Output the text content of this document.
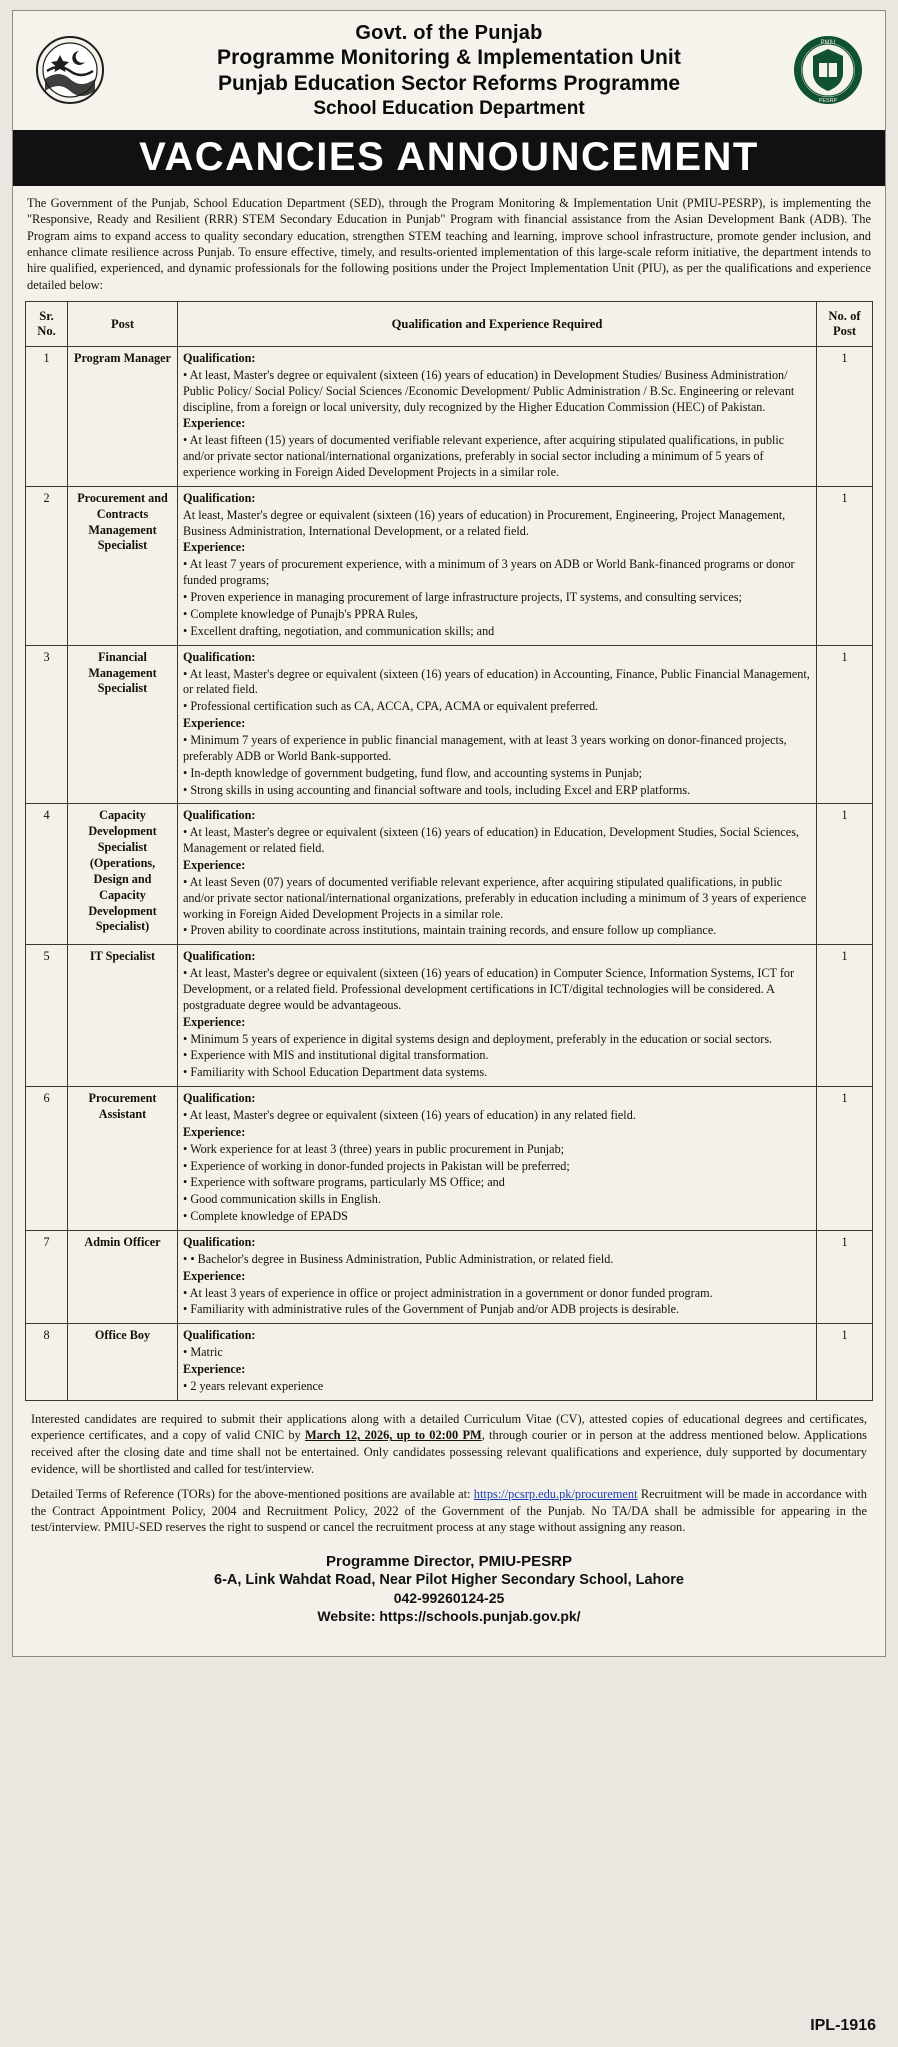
Govt. of the Punjab
Programme Monitoring & Implementation Unit
Punjab Education Sector Reforms Programme
School Education Department
PMIU
PESRP
VACANCIES ANNOUNCEMENT
The Government of the Punjab, School Education Department (SED), through the Program Monitoring & Implementation Unit (PMIU-PESRP), is implementing the "Responsive, Ready and Resilient (RRR) STEM Secondary Education in Punjab" Program with financial assistance from the Asian Development Bank (ADB). The Program aims to expand access to quality secondary education, strengthen STEM teaching and learning, improve school infrastructure, promote gender inclusion, and enhance climate resilience across Punjab. To ensure effective, timely, and results-oriented implementation of this large-scale reform initiative, the department intends to hire qualified, experienced, and dynamic professionals for the following positions under the Project Implementation Unit (PIU), as per the qualifications and experience detailed below:
Sr. No.	Post	Qualification and Experience Required	No. of Post
1	Program Manager	Qualification:
• At least, Master's degree or equivalent (sixteen (16) years of education) in Development Studies/ Business Administration/ Public Policy/ Social Policy/ Social Sciences /Economic Development/ Public Administration / B.Sc. Engineering or relevant discipline, from a foreign or local university, duly recognized by the Higher Education Commission (HEC) of Pakistan.
Experience:
• At least fifteen (15) years of documented verifiable relevant experience, after acquiring stipulated qualifications, in public and/or private sector national/international organizations, preferably in social sector including a minimum of 5 years of experience working in Foreign Aided Development Projects in a similar role.	1
2	Procurement and Contracts Management Specialist	
Qualification:
At least, Master's degree or equivalent (sixteen (16) years of education) in Procurement, Engineering, Project Management, Business Administration, International Development, or a related field.
Experience:
• At least 7 years of procurement experience, with a minimum of 3 years on ADB or World Bank-financed programs or donor funded programs;
• Proven experience in managing procurement of large infrastructure projects, IT systems, and consulting services;
• Complete knowledge of Punajb's PPRA Rules,
• Excellent drafting, negotiation, and communication skills; and
	1
3	Financial Management Specialist	
Qualification:
• At least, Master's degree or equivalent (sixteen (16) years of education) in Accounting, Finance, Public Financial Management, or related field.
• Professional certification such as CA, ACCA, CPA, ACMA or equivalent preferred.
Experience:
• Minimum 7 years of experience in public financial management, with at least 3 years working on donor-financed projects, preferably ADB or World Bank-supported.
• In-depth knowledge of government budgeting, fund flow, and accounting systems in Punjab;
• Strong skills in using accounting and financial software and tools, including Excel and ERP platforms.
	1
4	Capacity Development Specialist (Operations, Design and Capacity Development Specialist)	Qualification:
• At least, Master's degree or equivalent (sixteen (16) years of education) in Education, Development Studies, Social Sciences, Management or related field.
Experience:
• At least Seven (07) years of documented verifiable relevant experience, after acquiring stipulated qualifications, in public and/or private sector national/international organizations, preferably in education including a minimum of 3 years of experience working in Foreign Aided Development Projects in a similar role.
• Proven ability to coordinate across institutions, maintain training records, and ensure follow up compliance.	1
5	IT Specialist	Qualification:
• At least, Master's degree or equivalent (sixteen (16) years of education) in Computer Science, Information Systems, ICT for Development, or a related field. Professional development certifications in ICT/digital technologies will be considered. A postgraduate degree would be advantageous.
Experience:
• Minimum 5 years of experience in digital systems design and deployment, preferably in the education or social sectors.
• Experience with MIS and institutional digital transformation.
• Familiarity with School Education Department data systems.
	1
6	Procurement Assistant	
Qualification:
• At least, Master's degree or equivalent (sixteen (16) years of education) in any related field.
Experience:
• Work experience for at least 3 (three) years in public procurement in Punjab;
• Experience of working in donor-funded projects in Pakistan will be preferred;
• Experience with software programs, particularly MS Office; and
• Good communication skills in English.
• Complete knowledge of EPADS
	1
7	Admin Officer	Qualification:
• • Bachelor's degree in Business Administration, Public Administration, or related field.
Experience:
• At least 3 years of experience in office or project administration in a government or donor funded program.
• Familiarity with administrative rules of the Government of Punjab and/or ADB projects is desirable.	1
8	Office Boy	Qualification:
• Matric
Experience:
• 2 years relevant experience	1

Interested candidates are required to submit their applications along with a detailed Curriculum Vitae (CV), attested copies of educational degrees and certificates, experience certificates, and a copy of valid CNIC by March 12, 2026, up to 02:00 PM, through courier or in person at the address mentioned below. Applications received after the closing date and time shall not be entertained. Only candidates possessing relevant qualifications and experience, duly supported by documentary evidence, will be shortlisted and called for test/interview.

Detailed Terms of Reference (TORs) for the above-mentioned positions are available at: https://pcsrp.edu.pk/procurement Recruitment will be made in accordance with the Contract Appointment Policy, 2004 and Recruitment Policy, 2022 of the Government of the Punjab. No TA/DA shall be admissible for appearing in the test/interview. PMIU-SED reserves the right to suspend or cancel the recruitment process at any stage without assigning any reason.

Programme Director, PMIU-PESRP
6-A, Link Wahdat Road, Near Pilot Higher Secondary School, Lahore
042-99260124-25
Website: https://schools.punjab.gov.pk/
IPL-1916
